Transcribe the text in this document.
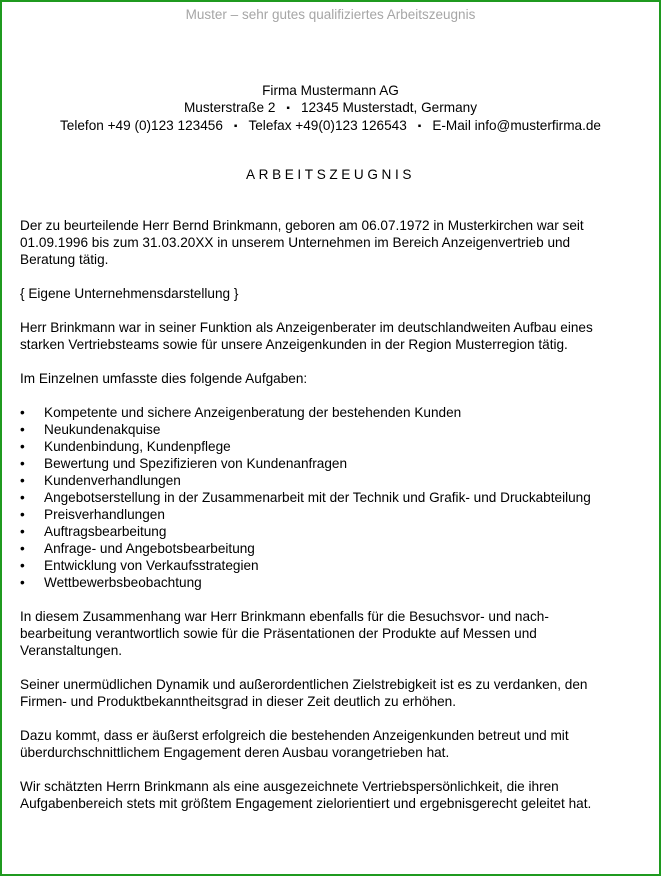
Muster – sehr gutes qualifiziertes Arbeitszeugnis
Firma Mustermann AG
Musterstraße 2 ▪ 12345 Musterstadt, Germany
Telefon +49 (0)123 123456 ▪ Telefax +49(0)123 126543 ▪ E-Mail info@musterfirma.de
ARBEITSZEUGNIS

Der zu beurteilende Herr Bernd Brinkmann, geboren am 06.07.1972 in Musterkirchen war seit 01.09.1996 bis zum 31.03.20XX in unserem Unternehmen im Bereich Anzeigenvertrieb und Beratung tätig.

{ Eigene Unternehmensdarstellung }

Herr Brinkmann war in seiner Funktion als Anzeigenberater im deutschlandweiten Aufbau eines starken Vertriebsteams sowie für unsere Anzeigenkunden in der Region Musterregion tätig.

Im Einzelnen umfasste dies folgende Aufgaben:

• Kompetente und sichere Anzeigenberatung der bestehenden Kunden
• Neukundenakquise
• Kundenbindung, Kundenpflege
• Bewertung und Spezifizieren von Kundenanfragen
• Kundenverhandlungen
• Angebotserstellung in der Zusammenarbeit mit der Technik und Grafik- und Druckabteilung
• Preisverhandlungen
• Auftragsbearbeitung
• Anfrage- und Angebotsbearbeitung
• Entwicklung von Verkaufsstrategien
• Wettbewerbsbeobachtung

In diesem Zusammenhang war Herr Brinkmann ebenfalls für die Besuchsvor- und nach-bearbeitung verantwortlich sowie für die Präsentationen der Produkte auf Messen und Veranstaltungen.

Seiner unermüdlichen Dynamik und außerordentlichen Zielstrebigkeit ist es zu verdanken, den Firmen- und Produktbekanntheitsgrad in dieser Zeit deutlich zu erhöhen.

Dazu kommt, dass er äußerst erfolgreich die bestehenden Anzeigenkunden betreut und mit überdurchschnittlichem Engagement deren Ausbau vorangetrieben hat.

Wir schätzten Herrn Brinkmann als eine ausgezeichnete Vertriebspersönlichkeit, die ihren Aufgabenbereich stets mit größtem Engagement zielorientiert und ergebnisgerecht geleitet hat.
